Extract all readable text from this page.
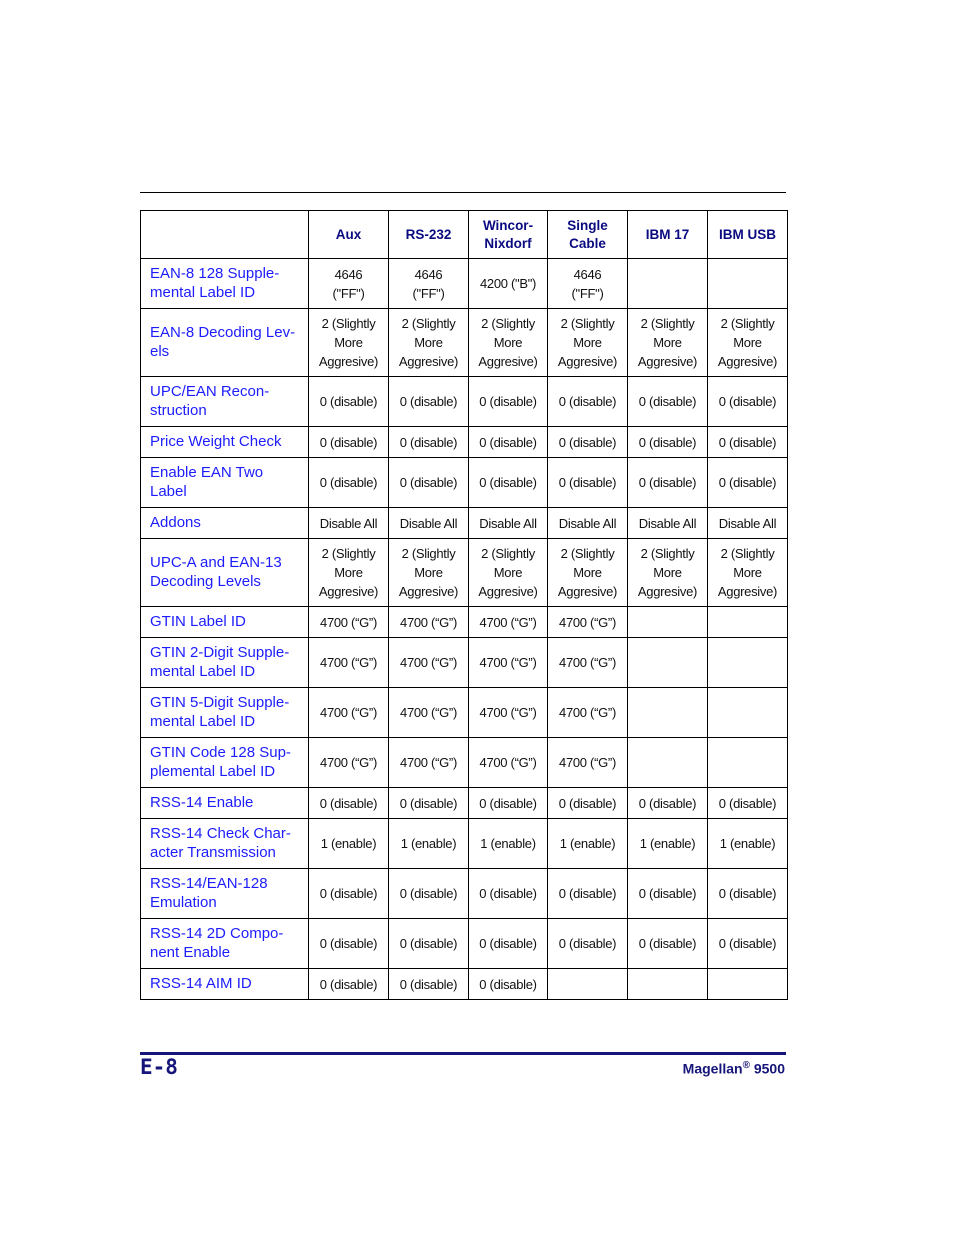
	Aux	RS-232	Wincor-
Nixdorf	Single
Cable	IBM 17	IBM USB
EAN-8 128 Supple-
mental Label ID	4646
("FF")	4646
("FF")	4200 ("B")	4646
("FF")		
EAN-8 Decoding Lev-
els	2 (Slightly
More
Aggresive)	2 (Slightly
More
Aggresive)	2 (Slightly
More
Aggresive)	2 (Slightly
More
Aggresive)	2 (Slightly
More
Aggresive)	2 (Slightly
More
Aggresive)
UPC/EAN Recon-
struction	0 (disable)	0 (disable)	0 (disable)	0 (disable)	0 (disable)	0 (disable)
Price Weight Check	0 (disable)	0 (disable)	0 (disable)	0 (disable)	0 (disable)	0 (disable)
Enable EAN Two
Label	0 (disable)	0 (disable)	0 (disable)	0 (disable)	0 (disable)	0 (disable)
Addons	Disable All	Disable All	Disable All	Disable All	Disable All	Disable All
UPC-A and EAN-13
Decoding Levels	2 (Slightly
More
Aggresive)	2 (Slightly
More
Aggresive)	2 (Slightly
More
Aggresive)	2 (Slightly
More
Aggresive)	2 (Slightly
More
Aggresive)	2 (Slightly
More
Aggresive)
GTIN Label ID	4700 (“G”)	4700 (“G”)	4700 (“G”)	4700 (“G”)		
GTIN 2-Digit Supple-
mental Label ID	4700 (“G”)	4700 (“G”)	4700 (“G”)	4700 (“G”)		
GTIN 5-Digit Supple-
mental Label ID	4700 (“G”)	4700 (“G”)	4700 (“G”)	4700 (“G”)		
GTIN Code 128 Sup-
plemental Label ID	4700 (“G”)	4700 (“G”)	4700 (“G”)	4700 (“G”)		
RSS-14 Enable	0 (disable)	0 (disable)	0 (disable)	0 (disable)	0 (disable)	0 (disable)
RSS-14 Check Char-
acter Transmission	1 (enable)	1 (enable)	1 (enable)	1 (enable)	1 (enable)	1 (enable)
RSS-14/EAN-128
Emulation	0 (disable)	0 (disable)	0 (disable)	0 (disable)	0 (disable)	0 (disable)
RSS-14 2D Compo-
nent Enable	0 (disable)	0 (disable)	0 (disable)	0 (disable)	0 (disable)	0 (disable)
RSS-14 AIM ID	0 (disable)	0 (disable)	0 (disable)			
E-8	Magellan® 9500
